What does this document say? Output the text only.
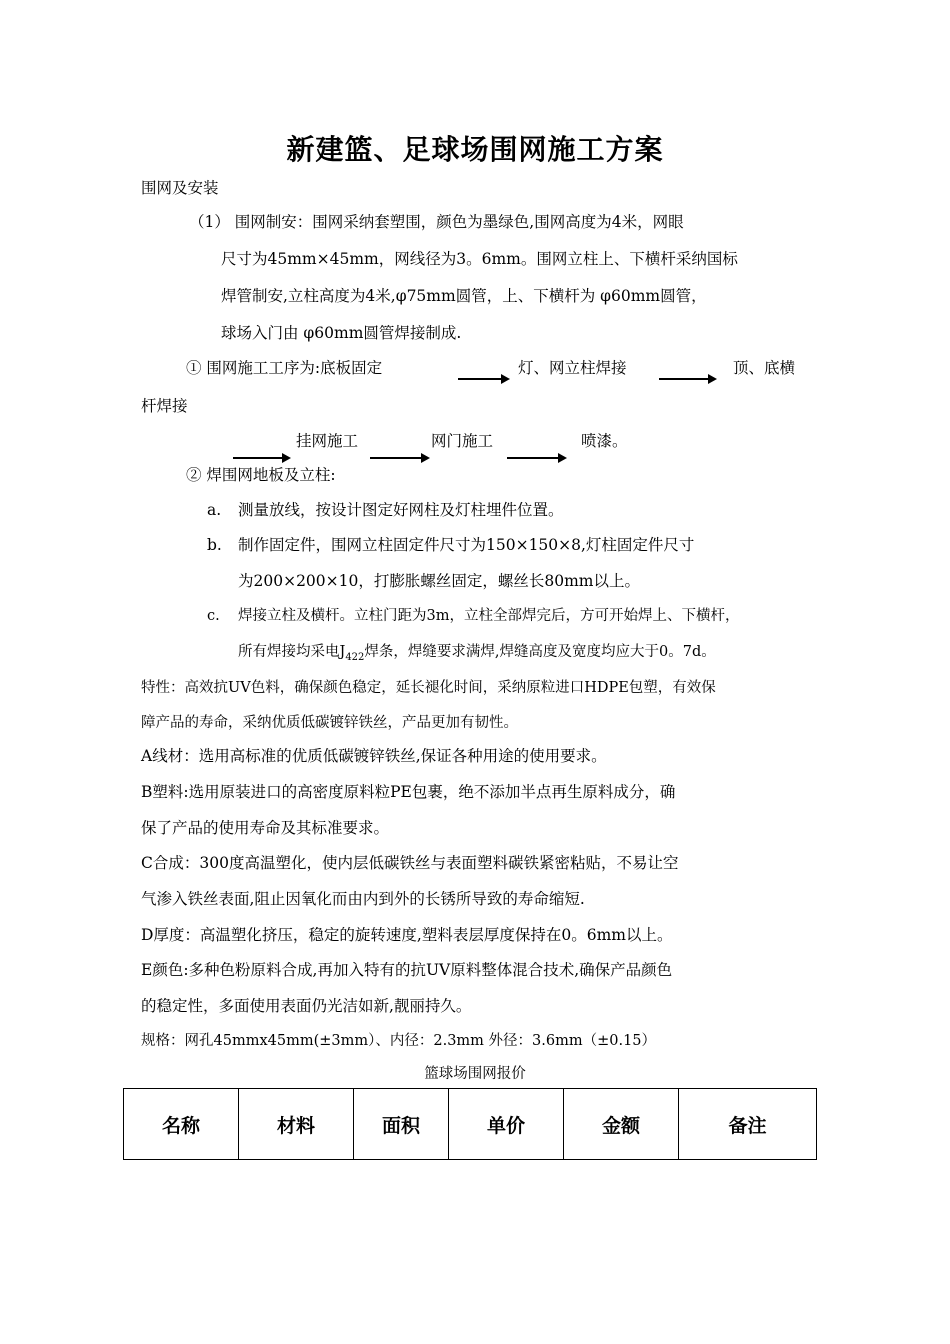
新建篮、足球场围网施工方案
围网及安装
（1） 围网制安：围网采纳套塑围，颜色为墨绿色,围网高度为4米，网眼
尺寸为45mm×45mm，网线径为3。6mm。围网立柱上、下横杆采纳国标
焊管制安,立柱高度为4米,φ75mm圆管，上、下横杆为 φ60mm圆管，
球场入门由 φ60mm圆管焊接制成.
① 围网施工工序为:底板固定	灯、网立柱焊接	顶、底横
杆焊接
挂网施工	网门施工	喷漆。
② 焊围网地板及立柱:
a. 测量放线，按设计图定好网柱及灯柱埋件位置。
b. 制作固定件，围网立柱固定件尺寸为150×150×8,灯柱固定件尺寸
为200×200×10，打膨胀螺丝固定，螺丝长80mm以上。
c. 焊接立柱及横杆。立柱门距为3m，立柱全部焊完后，方可开始焊上、下横杆，
所有焊接均采电$J_{422}$焊条，焊缝要求满焊,焊缝高度及宽度均应大于0。7d。
特性：高效抗UV色料，确保颜色稳定，延长褪化时间，采纳原粒进口HDPE包塑，有效保
障产品的寿命，采纳优质低碳镀锌铁丝，产品更加有韧性。
A线材：选用高标准的优质低碳镀锌铁丝,保证各种用途的使用要求。
B塑料:选用原装进口的高密度原料粒PE包裹，绝不添加半点再生原料成分，确
保了产品的使用寿命及其标准要求。
C合成：300度高温塑化，使内层低碳铁丝与表面塑料碳铁紧密粘贴，不易让空
气渗入铁丝表面,阻止因氧化而由内到外的长锈所导致的寿命缩短.
D厚度：高温塑化挤压，稳定的旋转速度,塑料表层厚度保持在0。6mm以上。
E颜色:多种色粉原料合成,再加入特有的抗UV原料整体混合技术,确保产品颜色
的稳定性，多面使用表面仍光洁如新,靓丽持久。
规格：网孔45mmx45mm(±3mm）、内径：2.3mm 外径：3.6mm（±0.15）
篮球场围网报价
名称	材料	面积	单价	金额	备注
